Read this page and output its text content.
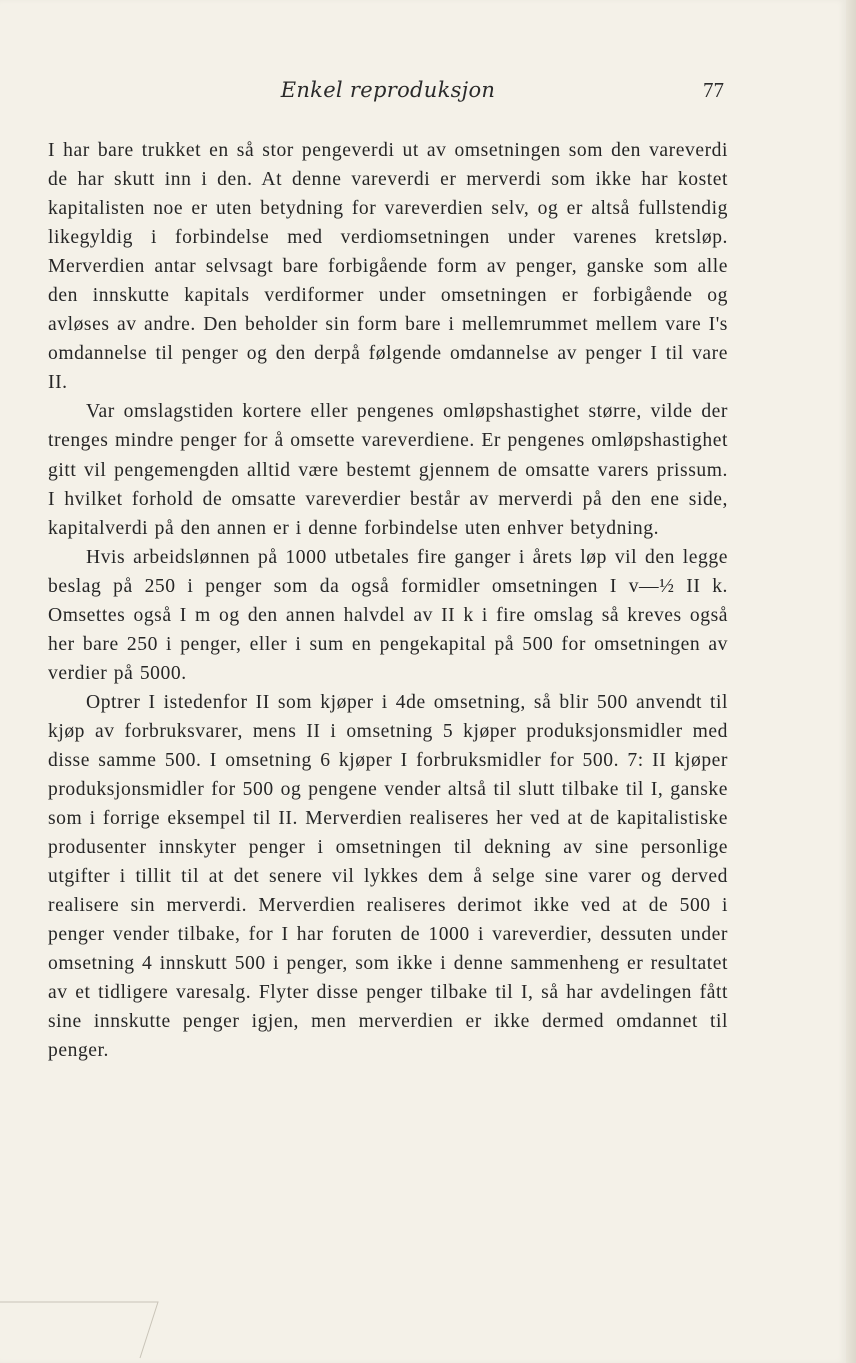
Enkel reproduksjon	77

I har bare trukket en så stor pengeverdi ut av omsetningen som den vareverdi de har skutt inn i den. At denne vareverdi er merverdi som ikke har kostet kapitalisten noe er uten betydning for vareverdien selv, og er altså fullstendig likegyldig i forbindelse med verdiomsetningen under varenes kretsløp. Merverdien antar selvsagt bare forbigående form av penger, ganske som alle den innskutte kapitals verdiformer under omsetningen er forbigående og avløses av andre. Den beholder sin form bare i mellemrummet mellem vare I's omdannelse til penger og den derpå følgende omdannelse av penger I til vare II.

Var omslagstiden kortere eller pengenes omløpshastighet større, vilde der trenges mindre penger for å omsette vareverdiene. Er pengenes omløpshastighet gitt vil pengemengden alltid være bestemt gjennem de omsatte varers prissum. I hvilket forhold de omsatte vareverdier består av merverdi på den ene side, kapitalverdi på den annen er i denne forbindelse uten enhver betydning.

Hvis arbeidslønnen på 1000 utbetales fire ganger i årets løp vil den legge beslag på 250 i penger som da også formidler omsetningen I v—½ II k. Omsettes også I m og den annen halvdel av II k i fire omslag så kreves også her bare 250 i penger, eller i sum en pengekapital på 500 for omsetningen av verdier på 5000.

Optrer I istedenfor II som kjøper i 4de omsetning, så blir 500 anvendt til kjøp av forbruksvarer, mens II i omsetning 5 kjøper produksjonsmidler med disse samme 500. I omsetning 6 kjøper I forbruksmidler for 500. 7: II kjøper produksjonsmidler for 500 og pengene vender altså til slutt tilbake til I, ganske som i forrige eksempel til II. Merverdien realiseres her ved at de kapitalistiske produsenter innskyter penger i omsetningen til dekning av sine personlige utgifter i tillit til at det senere vil lykkes dem å selge sine varer og derved realisere sin merverdi. Merverdien realiseres derimot ikke ved at de 500 i penger vender tilbake, for I har foruten de 1000 i vareverdier, dessuten under omsetning 4 innskutt 500 i penger, som ikke i denne sammenheng er resultatet av et tidligere varesalg. Flyter disse penger tilbake til I, så har avdelingen fått sine innskutte penger igjen, men merverdien er ikke dermed omdannet til penger.
